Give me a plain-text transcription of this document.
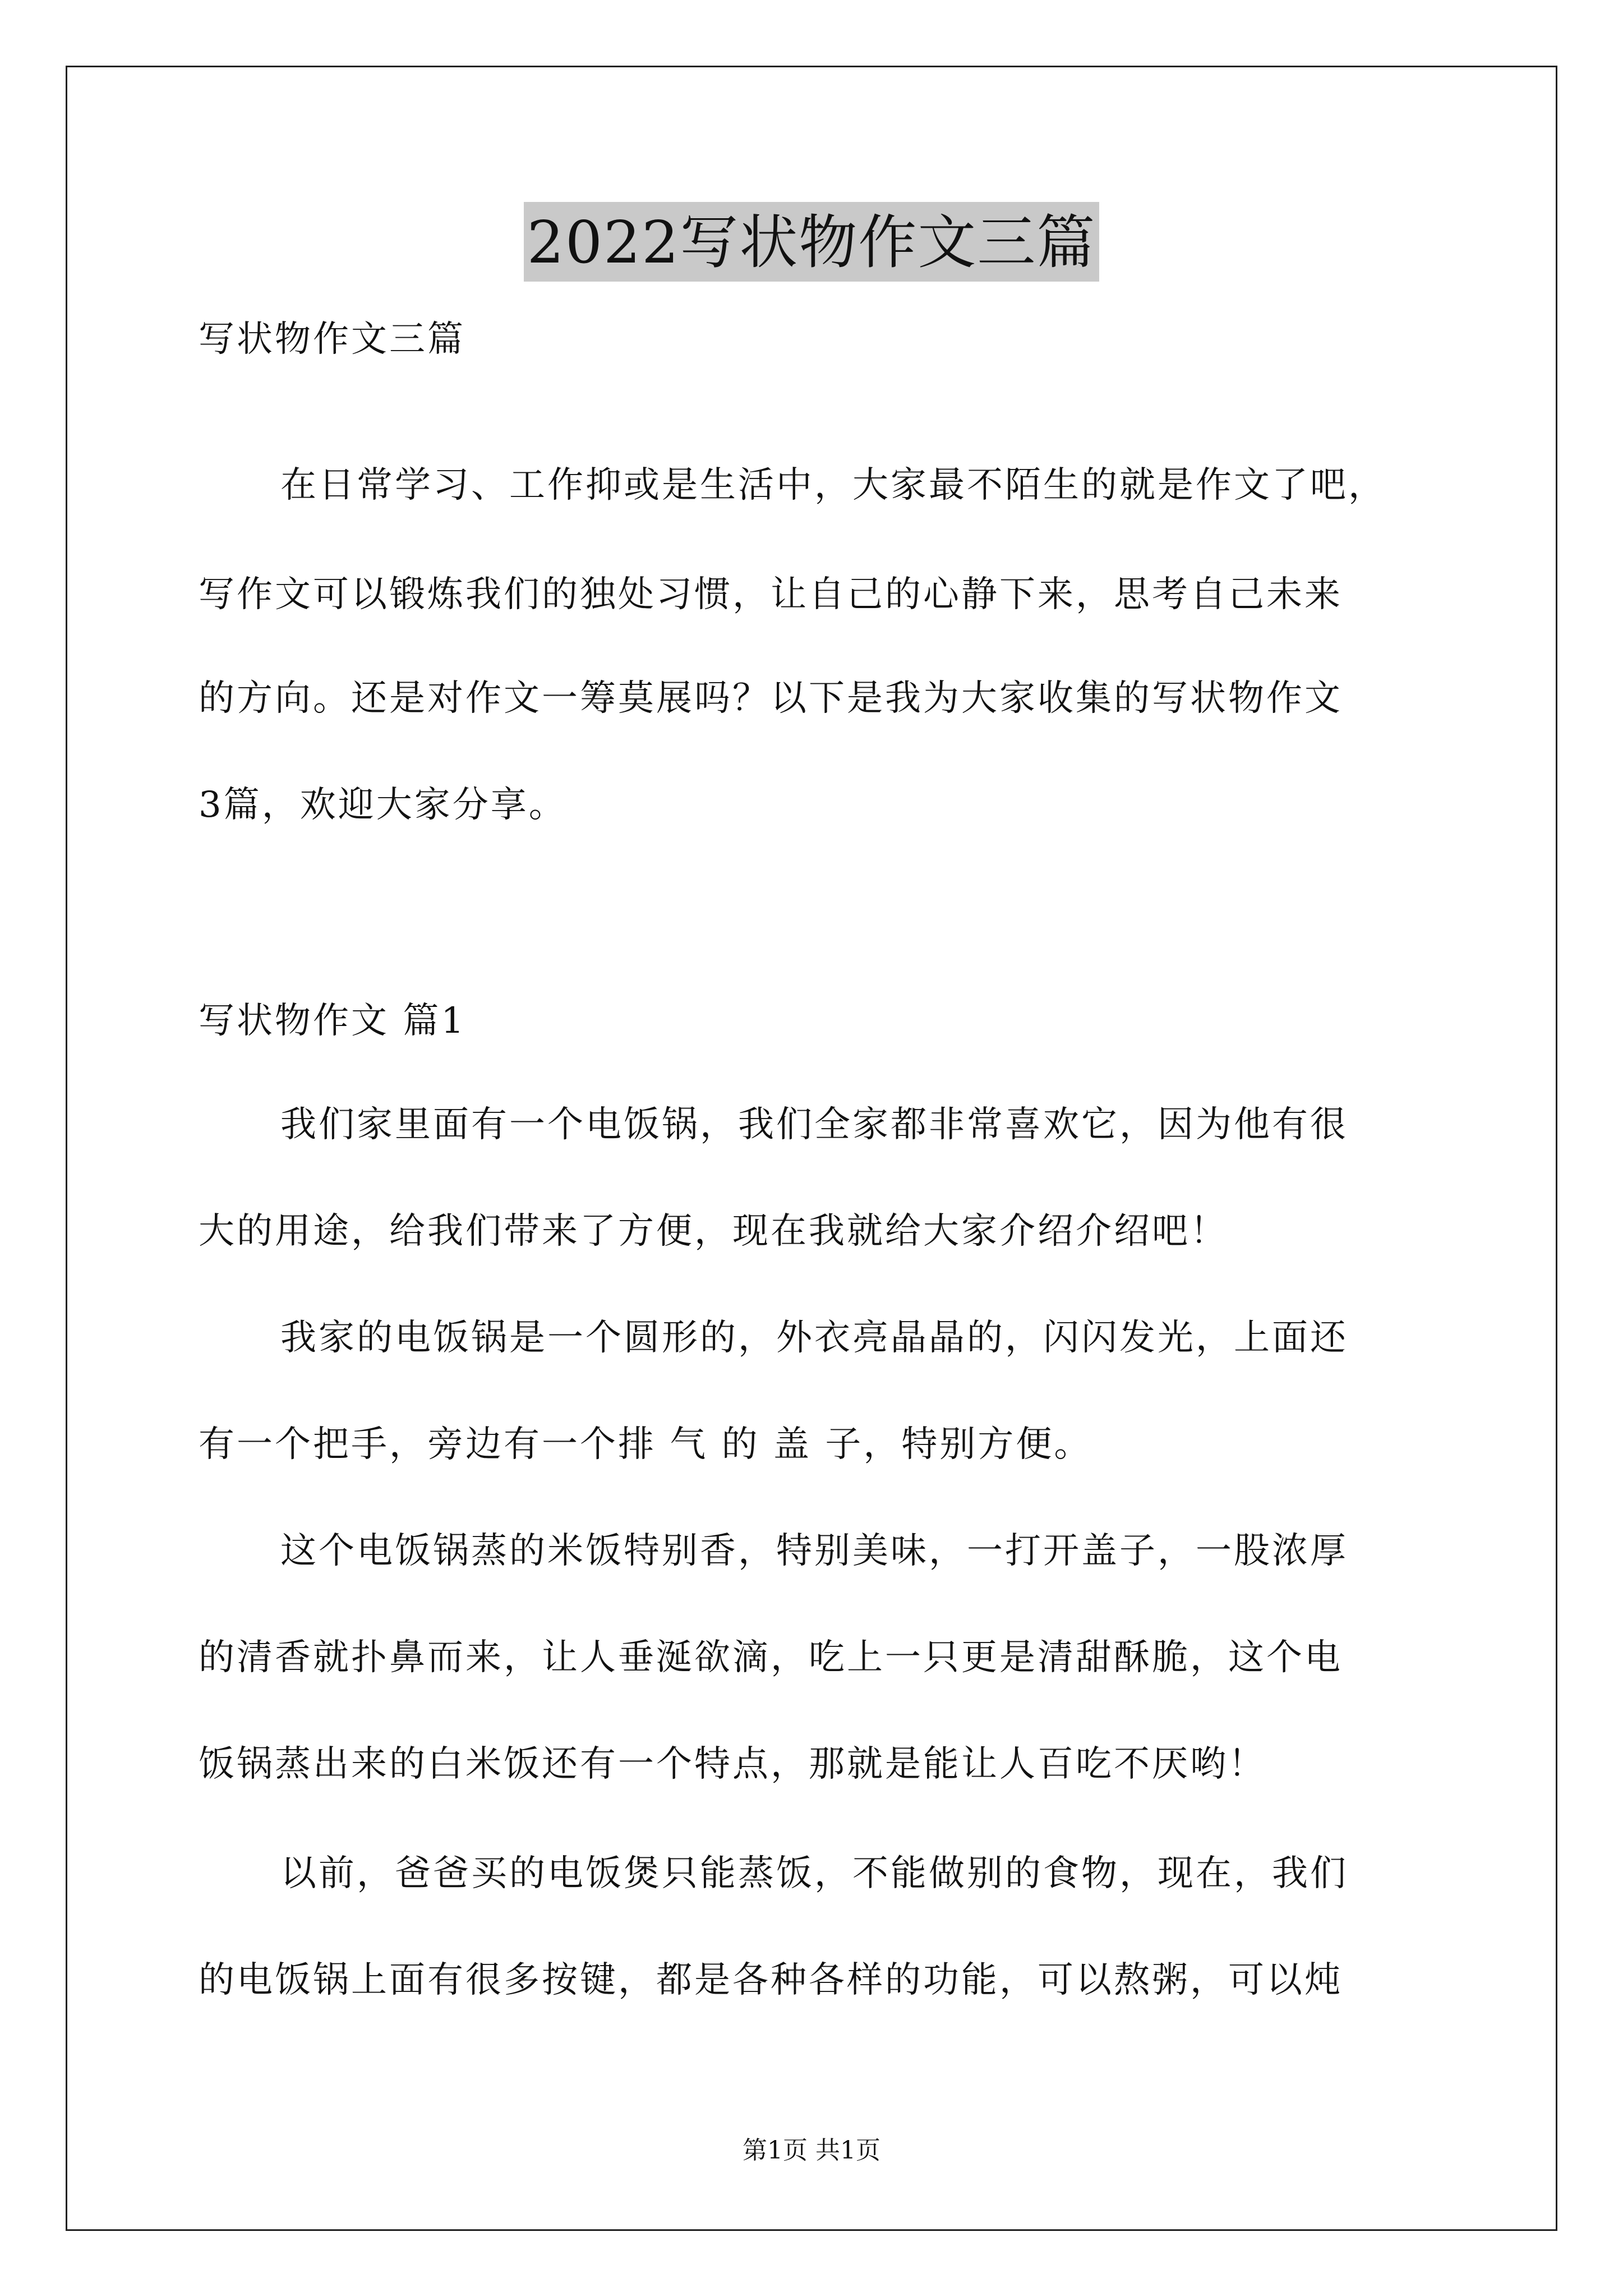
2022写状物作文三篇
写状物作文三篇
在日常学习、工作抑或是生活中，大家最不陌生的就是作文了吧，
写作文可以锻炼我们的独处习惯，让自己的心静下来，思考自己未来
的方向。还是对作文一筹莫展吗？以下是我为大家收集的写状物作文
3篇，欢迎大家分享。
写状物作文 篇1
我们家里面有一个电饭锅，我们全家都非常喜欢它，因为他有很
大的用途，给我们带来了方便，现在我就给大家介绍介绍吧！
我家的电饭锅是一个圆形的，外衣亮晶晶的，闪闪发光，上面还
有一个把手，旁边有一个排 气 的 盖 子，特别方便。
这个电饭锅蒸的米饭特别香，特别美味，一打开盖子，一股浓厚
的清香就扑鼻而来，让人垂涎欲滴，吃上一只更是清甜酥脆，这个电
饭锅蒸出来的白米饭还有一个特点，那就是能让人百吃不厌哟！
以前，爸爸买的电饭煲只能蒸饭，不能做别的食物，现在，我们
的电饭锅上面有很多按键，都是各种各样的功能，可以熬粥，可以炖
第1页 共1页
